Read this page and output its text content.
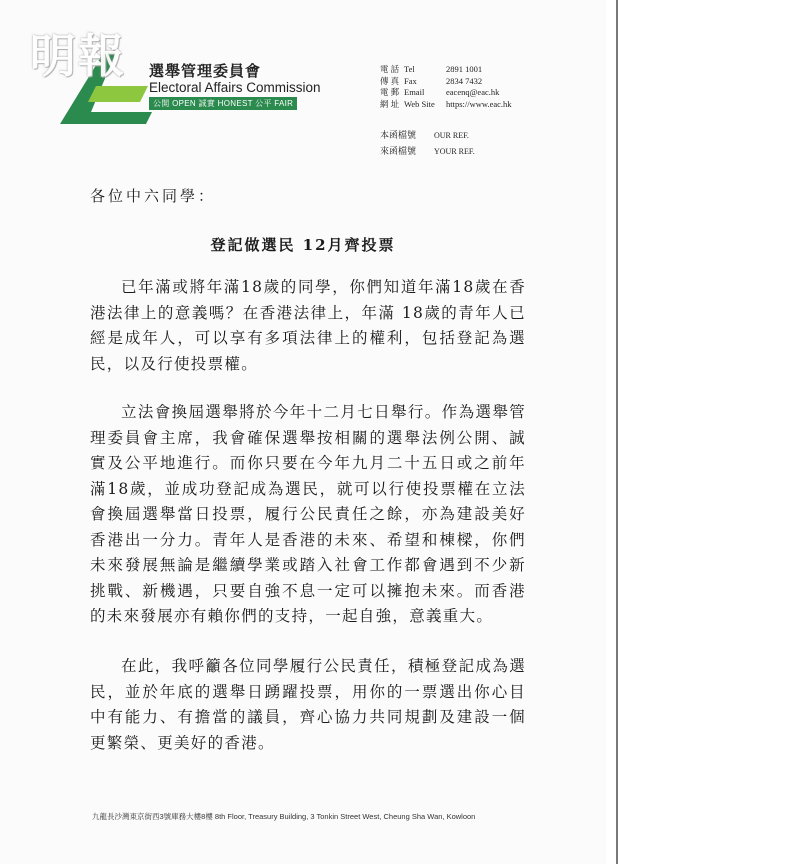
明報 選舉管理委員會
Electoral Affairs Commission
公開 OPEN 誠實 HONEST 公平 FAIR
電 話 Tel	2891 1001
傳 真 Fax	2834 7432
電 郵 Email	eacenq@eac.hk
網 址 Web Site	https://www.eac.hk
本函檔號	OUR REF.
來函檔號	YOUR REF.
各位中六同學：
登記做選民 12月齊投票

已年滿或將年滿18歲的同學，你們知道年滿18歲在香港法律上的意義嗎？在香港法律上，年滿 18歲的青年人已經是成年人，可以享有多項法律上的權利，包括登記為選民，以及行使投票權。

立法會換屆選舉將於今年十二月七日舉行。作為選舉管理委員會主席，我會確保選舉按相關的選舉法例公開、誠實及公平地進行。而你只要在今年九月二十五日或之前年滿18歲，並成功登記成為選民，就可以行使投票權在立法會換屆選舉當日投票，履行公民責任之餘，亦為建設美好香港出一分力。青年人是香港的未來、希望和棟樑，你們未來發展無論是繼續學業或踏入社會工作都會遇到不少新挑戰、新機遇，只要自強不息一定可以擁抱未來。而香港的未來發展亦有賴你們的支持，一起自強，意義重大。

在此，我呼籲各位同學履行公民責任，積極登記成為選民，並於年底的選舉日踴躍投票，用你的一票選出你心目中有能力、有擔當的議員，齊心協力共同規劃及建設一個更繁榮、更美好的香港。

九龍長沙灣東京街西3號庫務大樓8樓 8th Floor, Treasury Building, 3 Tonkin Street West, Cheung Sha Wan, Kowloon
